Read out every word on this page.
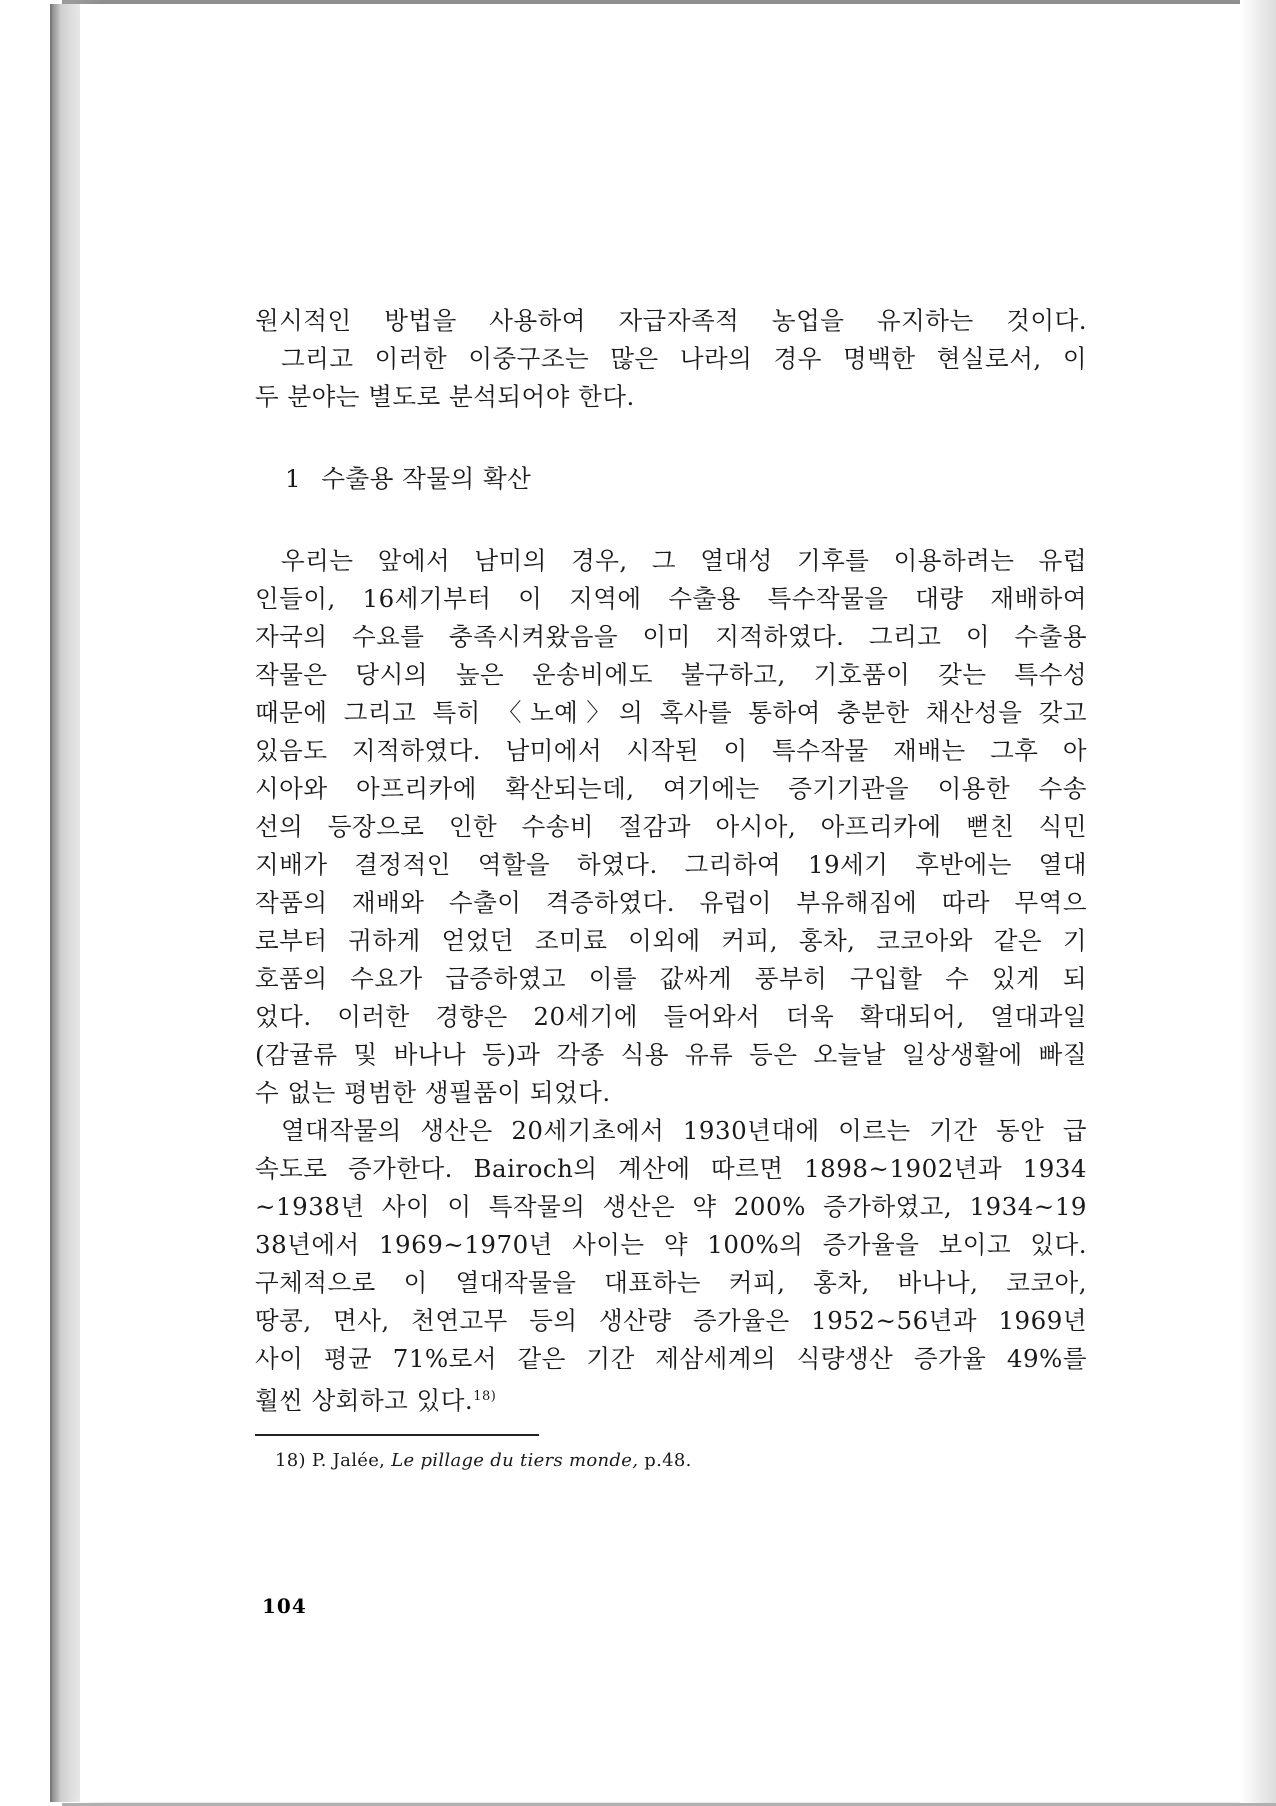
원시적인 방법을 사용하여 자급자족적 농업을 유지하는 것이다.
그리고 이러한 이중구조는 많은 나라의 경우 명백한 현실로서, 이
두 분야는 별도로 분석되어야 한다.
1 수출용 작물의 확산
우리는 앞에서 남미의 경우, 그 열대성 기후를 이용하려는 유럽
인들이, 16세기부터 이 지역에 수출용 특수작물을 대량 재배하여
자국의 수요를 충족시켜왔음을 이미 지적하였다. 그리고 이 수출용
작물은 당시의 높은 운송비에도 불구하고, 기호품이 갖는 특수성
때문에 그리고 특히 〈노예〉의 혹사를 통하여 충분한 채산성을 갖고
있음도 지적하였다. 남미에서 시작된 이 특수작물 재배는 그후 아
시아와 아프리카에 확산되는데, 여기에는 증기기관을 이용한 수송
선의 등장으로 인한 수송비 절감과 아시아, 아프리카에 뻗친 식민
지배가 결정적인 역할을 하였다. 그리하여 19세기 후반에는 열대
작품의 재배와 수출이 격증하였다. 유럽이 부유해짐에 따라 무역으
로부터 귀하게 얻었던 조미료 이외에 커피, 홍차, 코코아와 같은 기
호품의 수요가 급증하였고 이를 값싸게 풍부히 구입할 수 있게 되
었다. 이러한 경향은 20세기에 들어와서 더욱 확대되어, 열대과일
(감귤류 및 바나나 등)과 각종 식용 유류 등은 오늘날 일상생활에 빠질
수 없는 평범한 생필품이 되었다.
열대작물의 생산은 20세기초에서 1930년대에 이르는 기간 동안 급
속도로 증가한다. Bairoch의 계산에 따르면 1898~1902년과 1934
~1938년 사이 이 특작물의 생산은 약 200% 증가하였고, 1934~19
38년에서 1969~1970년 사이는 약 100%의 증가율을 보이고 있다.
구체적으로 이 열대작물을 대표하는 커피, 홍차, 바나나, 코코아,
땅콩, 면사, 천연고무 등의 생산량 증가율은 1952~56년과 1969년
사이 평균 71%로서 같은 기간 제삼세계의 식량생산 증가율 49%를
훨씬 상회하고 있다.$^{18)}$
18) P. Jalée, Le pillage du tiers monde, p.48.
104
